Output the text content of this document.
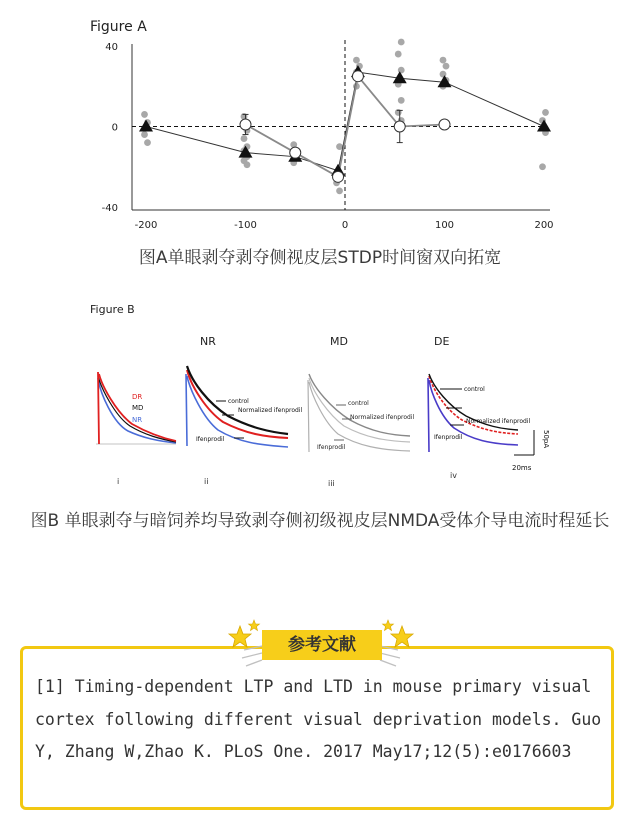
Figure A
40
0
-40
-200	-100	0	100	200
图A单眼剥夺剥夺侧视皮层STDP时间窗双向拓宽
Figure B
NR	MD	DE
DR
MD
NR
i
control
Normalized ifenprodil
Ifenprodil
ii
control
Normalized ifenprodil
Ifenprodil
iii
control
Normalized ifenprodil
Ifenprodil	50pA
20ms
iv
图B 单眼剥夺与暗饲养均导致剥夺侧初级视皮层NMDA受体介导电流时程延长
[1] Timing-dependent LTP and LTD in mouse primary visual cortex following different visual deprivation models. Guo Y, Zhang W,Zhao K. PLoS One. 2017 May17;12(5):e0176603
参考文献
